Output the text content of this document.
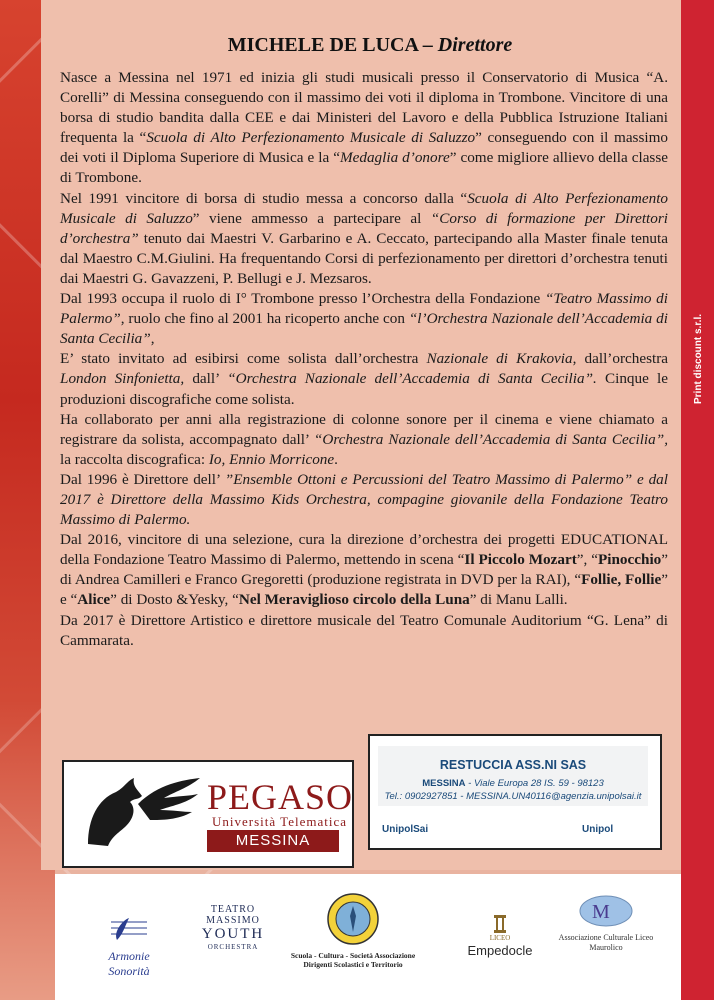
MICHELE DE LUCA – Direttore

Nasce a Messina nel 1971 ed inizia gli studi musicali presso il Conservatorio di Musica “A. Corelli” di Messina conseguendo con il massimo dei voti il diploma in Trombone. Vincitore di una borsa di studio bandita dalla CEE e dai Ministeri del Lavoro e della Pubblica Istruzione Italiani frequenta la “Scuola di Alto Perfezionamento Musicale di Saluzzo” conseguendo con il massimo dei voti il Diploma Superiore di Musica e la “Medaglia d’onore” come migliore allievo della classe di Trombone.

Nel 1991 vincitore di borsa di studio messa a concorso dalla “Scuola di Alto Perfezionamento Musicale di Saluzzo” viene ammesso a partecipare al “Corso di formazione per Direttori d’orchestra” tenuto dai Maestri V. Garbarino e A. Ceccato, partecipando alla Master finale tenuta dal Maestro C.M.Giulini. Ha frequentando Corsi di perfezionamento per direttori d’orchestra tenuti dai Maestri G. Gavazzeni, P. Bellugi e J. Mezsaros.

Dal 1993 occupa il ruolo di I° Trombone presso l’Orchestra della Fondazione “Teatro Massimo di Palermo”, ruolo che fino al 2001 ha ricoperto anche con “l’Orchestra Nazionale dell’Accademia di Santa Cecilia”,

E’ stato invitato ad esibirsi come solista dall’orchestra Nazionale di Krakovia, dall’orchestra London Sinfonietta, dall’ “Orchestra Nazionale dell’Accademia di Santa Cecilia”. Cinque le produzioni discografiche come solista.

Ha collaborato per anni alla registrazione di colonne sonore per il cinema e viene chiamato a registrare da solista, accompagnato dall’ “Orchestra Nazionale dell’Accademia di Santa Cecilia”, la raccolta discografica: Io, Ennio Morricone.

Dal 1996 è Direttore dell’ ”Ensemble Ottoni e Percussioni del Teatro Massimo di Palermo” e dal 2017 è Direttore della Massimo Kids Orchestra, compagine giovanile della Fondazione Teatro Massimo di Palermo.

Dal 2016, vincitore di una selezione, cura la direzione d’orchestra dei progetti EDUCATIONAL della Fondazione Teatro Massimo di Palermo, mettendo in scena “Il Piccolo Mozart”, “Pinocchio” di Andrea Camilleri e Franco Gregoretti (produzione registrata in DVD per la RAI), “Follie, Follie” e “Alice” di Dosto &Yesky, “Nel Meraviglioso circolo della Luna” di Manu Lalli.

Da 2017 è Direttore Artistico e direttore musicale del Teatro Comunale Auditorium “G. Lena” di Cammarata.

PEGASO
Università Telematica
MESSINA
RESTUCCIA ASS.NI SAS
MESSINA - Viale Europa 28 IS. 59 - 98123
Tel.: 0902927851 - MESSINA.UN40116@agenzia.unipolsai.it
UnipolSai	Unipol
Armonie Sonorità
TEATRO MASSIMO
YOUTH
ORCHESTRA
Scuola - Cultura - Società Associazione Dirigenti Scolastici e Territorio
LICEO
Empedocle
M
Associazione Culturale Liceo Maurolico
